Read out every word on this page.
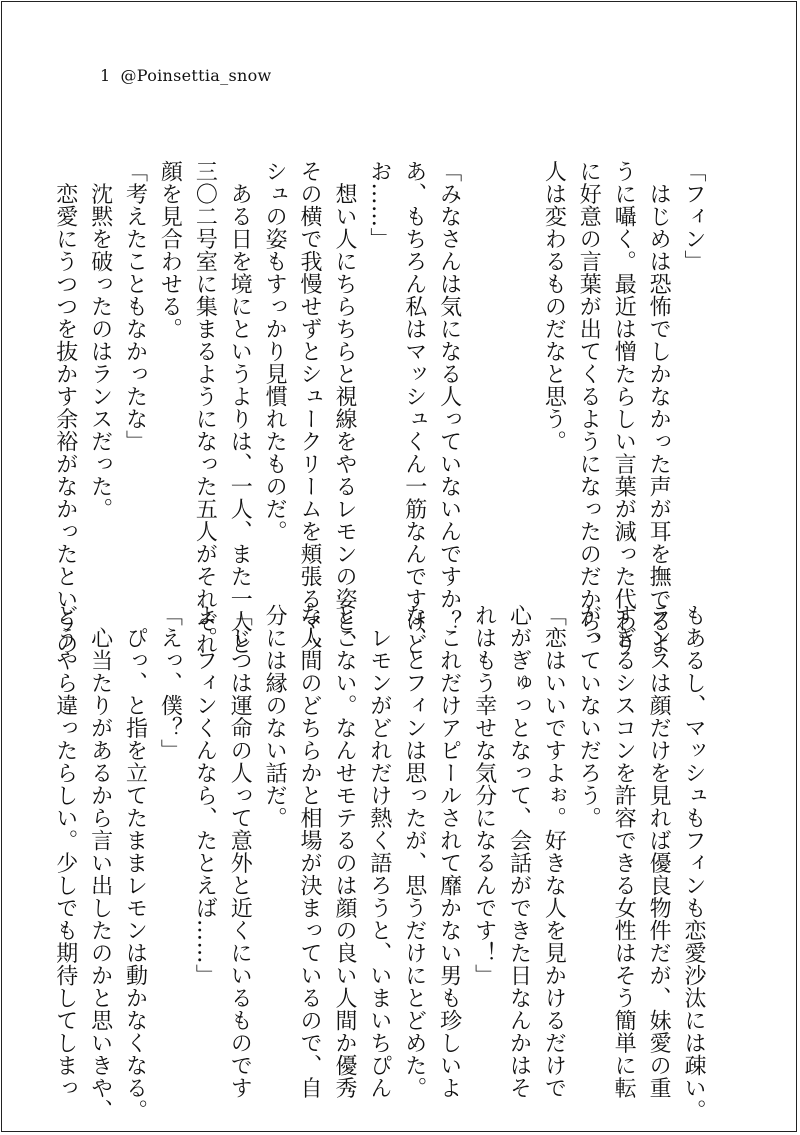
1 @Poinsettia_snow
「フィン」
　はじめは恐怖でしかなかった声が耳を撫でるよ
うに囁く。最近は憎たらしい言葉が減った代わり
に好意の言葉が出てくるようになったのだから、
人は変わるものだなと思う。

「みなさんは気になる人っていないんですか？
あ、もちろん私はマッシュくん一筋なんですけど
お……」
　想い人にちらちらと視線をやるレモンの姿と、
その横で我慢せずとシュークリームを頬張るマッ
シュの姿もすっかり見慣れたものだ。
　ある日を境にというよりは、一人、また一人と
三〇二号室に集まるようになった五人がそれぞれ
顔を見合わせる。
「考えたこともなかったな」
　沈黙を破ったのはランスだった。
　恋愛にうつつを抜かす余裕がなかったというの
もあるし、マッシュもフィンも恋愛沙汰には疎い。
ランスは顔だけを見れば優良物件だが、妹愛の重
すぎるシスコンを許容できる女性はそう簡単に転
がっていないだろう。
「恋はいいですよぉ。好きな人を見かけるだけで
心がぎゅっとなって、会話ができた日なんかはそ
れはもう幸せな気分になるんです！」
　これだけアピールされて靡かない男も珍しいよ
な、とフィンは思ったが、思うだけにとどめた。
　レモンがどれだけ熱く語ろうと、いまいちぴん
とこない。なんせモテるのは顔の良い人間か優秀
な人間のどちらかと相場が決まっているので、自
分には縁のない話だ。
「じつは運命の人って意外と近くにいるものです
よ。フィンくんなら、たとえば……」
「えっ、僕？」
　ぴっ、と指を立てたままレモンは動かなくなる。
　心当たりがあるから言い出したのかと思いきや、
どうやら違ったらしい。少しでも期待してしまっ
